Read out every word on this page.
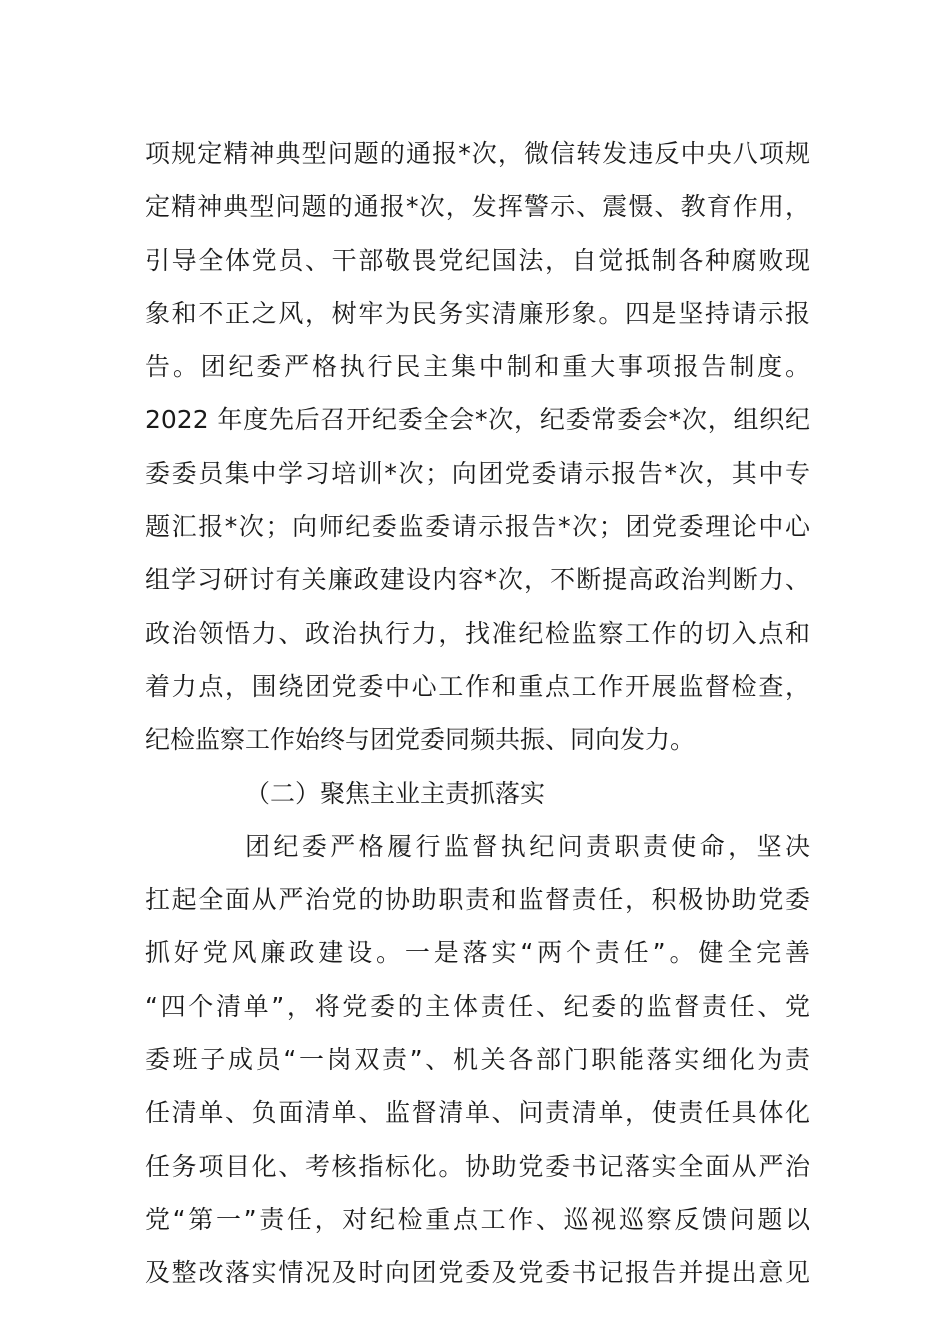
项规定精神典型问题的通报*次，微信转发违反中央八项规
定精神典型问题的通报*次，发挥警示、震慑、教育作用，
引导全体党员、干部敬畏党纪国法，自觉抵制各种腐败现
象和不正之风，树牢为民务实清廉形象。四是坚持请示报
告。团纪委严格执行民主集中制和重大事项报告制度。
2022 年度先后召开纪委全会*次，纪委常委会*次，组织纪
委委员集中学习培训*次；向团党委请示报告*次，其中专
题汇报*次；向师纪委监委请示报告*次；团党委理论中心
组学习研讨有关廉政建设内容*次，不断提高政治判断力、
政治领悟力、政治执行力，找准纪检监察工作的切入点和
着力点，围绕团党委中心工作和重点工作开展监督检查，
纪检监察工作始终与团党委同频共振、同向发力。
（二）聚焦主业主责抓落实
团纪委严格履行监督执纪问责职责使命，坚决
扛起全面从严治党的协助职责和监督责任，积极协助党委
抓好党风廉政建设。一是落实“两个责任”。健全完善
“四个清单”，将党委的主体责任、纪委的监督责任、党
委班子成员“一岗双责”、机关各部门职能落实细化为责
任清单、负面清单、监督清单、问责清单，使责任具体化
任务项目化、考核指标化。协助党委书记落实全面从严治
党“第一”责任，对纪检重点工作、巡视巡察反馈问题以
及整改落实情况及时向团党委及党委书记报告并提出意见
